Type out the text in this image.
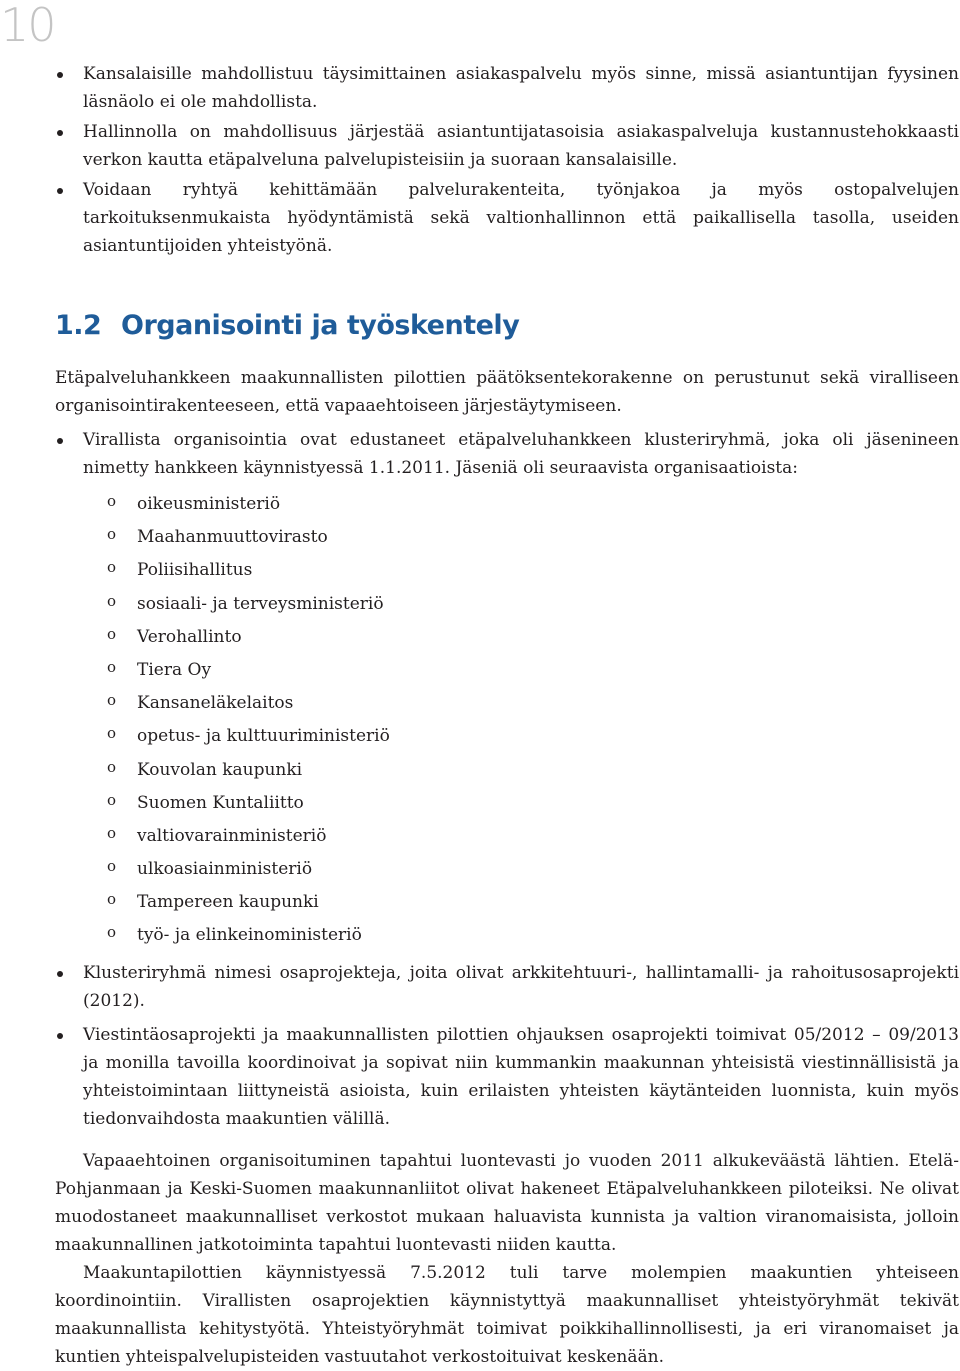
10
Kansalaisille mahdollistuu täysimittainen asiakaspalvelu myös sinne, missä asiantuntijan fyysinen läsnäolo ei ole mahdollista.
Hallinnolla on mahdollisuus järjestää asiantuntijatasoisia asiakaspalveluja kustannustehokkaasti verkon kautta etäpalveluna palvelupisteisiin ja suoraan kansalaisille.
Voidaan ryhtyä kehittämään palvelurakenteita, työnjakoa ja myös ostopalvelujen tarkoituksenmukaista hyödyntämistä sekä valtionhallinnon että paikallisella tasolla, useiden asiantuntijoiden yhteistyönä.
1.2 Organisointi ja työskentely

Etäpalveluhankkeen maakunnallisten pilottien päätöksentekorakenne on perustunut sekä viralliseen organisointirakenteeseen, että vapaaehtoiseen järjestäytymiseen.

Virallista organisointia ovat edustaneet etäpalveluhankkeen klusteriryhmä, joka oli jäsenineen nimetty hankkeen käynnistyessä 1.1.2011. Jäseniä oli seuraavista organisaatioista:
o oikeusministeriö
o Maahanmuuttovirasto
o Poliisihallitus
o sosiaali- ja terveysministeriö
o Verohallinto
o Tiera Oy
o Kansaneläkelaitos
o opetus- ja kulttuuriministeriö
o Kouvolan kaupunki
o Suomen Kuntaliitto
o valtiovarainministeriö
o ulkoasiainministeriö
o Tampereen kaupunki
o työ- ja elinkeinoministeriö
Klusteriryhmä nimesi osaprojekteja, joita olivat arkkitehtuuri-, hallintamalli- ja rahoitusosaprojekti (2012).
Viestintäosaprojekti ja maakunnallisten pilottien ohjauksen osaprojekti toimivat 05/2012 – 09/2013 ja monilla tavoilla koordinoivat ja sopivat niin kummankin maakunnan yhteisistä viestinnällisistä ja yhteistoimintaan liittyneistä asioista, kuin erilaisten yhteisten käytänteiden luonnista, kuin myös tiedonvaihdosta maakuntien välillä.

Vapaaehtoinen organisoituminen tapahtui luontevasti jo vuoden 2011 alkukeväästä lähtien. Etelä-Pohjanmaan ja Keski-Suomen maakunnanliitot olivat hakeneet Etäpalveluhankkeen piloteiksi. Ne olivat muodostaneet maakunnalliset verkostot mukaan haluavista kunnista ja valtion viranomaisista, jolloin maakunnallinen jatkotoiminta tapahtui luontevasti niiden kautta.

Maakuntapilottien käynnistyessä 7.5.2012 tuli tarve molempien maakuntien yhteiseen koordinointiin. Virallisten osaprojektien käynnistyttyä maakunnalliset yhteistyöryhmät tekivät maakunnallista kehitystyötä. Yhteistyöryhmät toimivat poikkihallinnollisesti, ja eri viranomaiset ja kuntien yhteispalvelupisteiden vastuutahot verkostoituivat keskenään.
